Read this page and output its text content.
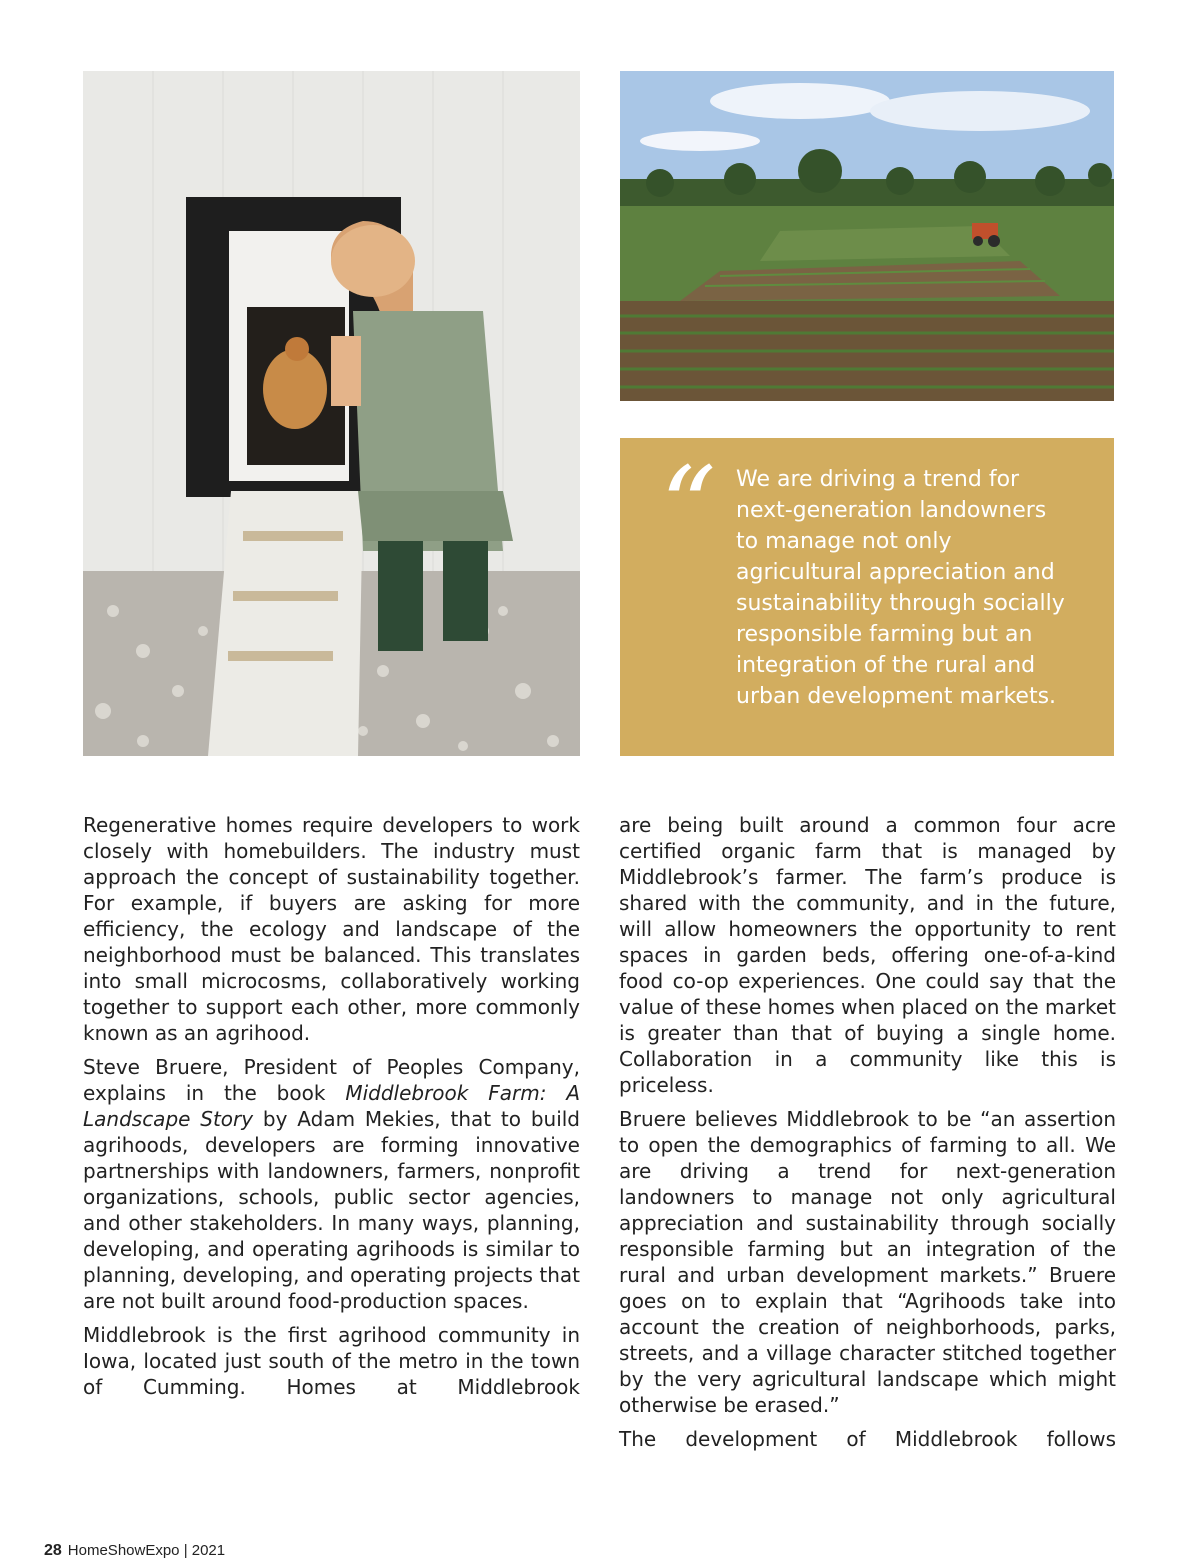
“ We are driving a trend for
next-generation landowners
to manage not only
agricultural appreciation and
sustainability through socially
responsible farming but an
integration of the rural and
urban development markets.

Regenerative homes require developers to work closely with homebuilders. The industry must approach the concept of sustainability together. For example, if buyers are asking for more efficiency, the ecology and landscape of the neighborhood must be balanced. This translates into small microcosms, collaboratively working together to support each other, more commonly known as an agrihood.

Steve Bruere, President of Peoples Company, explains in the book Middlebrook Farm: A Landscape Story by Adam Mekies, that to build agrihoods, developers are forming innovative partnerships with landowners, farmers, nonprofit organizations, schools, public sector agencies, and other stakeholders. In many ways, planning, developing, and operating agrihoods is similar to planning, developing, and operating projects that are not built around food-production spaces.

Middlebrook is the first agrihood community in Iowa, located just south of the metro in the town of Cumming. Homes at Middlebrook

are being built around a common four acre certified organic farm that is managed by Middlebrook’s farmer. The farm’s produce is shared with the community, and in the future, will allow homeowners the opportunity to rent spaces in garden beds, offering one-of-a-kind food co-op experiences. One could say that the value of these homes when placed on the market is greater than that of buying a single home. Collaboration in a community like this is priceless.

Bruere believes Middlebrook to be “an assertion to open the demographics of farming to all. We are driving a trend for next-generation landowners to manage not only agricultural appreciation and sustainability through socially responsible farming but an integration of the rural and urban development markets.” Bruere goes on to explain that “Agrihoods take into account the creation of neighborhoods, parks, streets, and a village character stitched together by the very agricultural landscape which might otherwise be erased.”

The development of Middlebrook follows

28 HomeShowExpo | 2021
